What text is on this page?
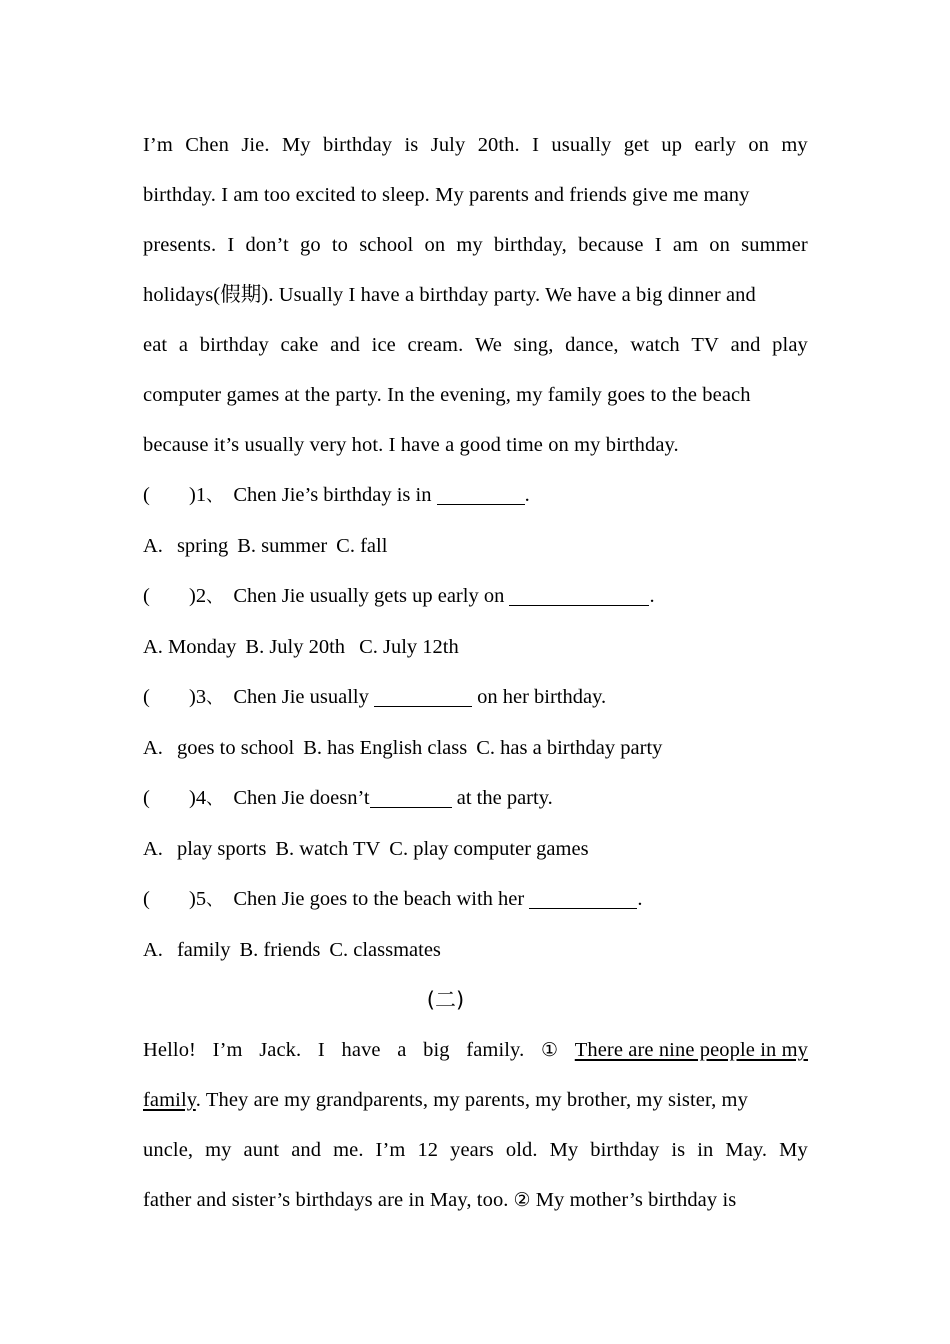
I’m Chen Jie. My birthday is July 20th. I usually get up early on my
birthday. I am too excited to sleep. My parents and friends give me many
presents. I don’t go to school on my birthday, because I am on summer
holidays(假期). Usually I have a birthday party. We have a big dinner and
eat a birthday cake and ice cream. We sing, dance, watch TV and play
computer games at the party. In the evening, my family goes to the beach
because it’s usually very hot. I have a good time on my birthday.

( )1、 Chen Jie’s birthday is in	.

A. spring B. summer C. fall

( )2、 Chen Jie usually gets up early on	.

A. Monday B. July 20th C. July 12th

( )3、 Chen Jie usually	on her birthday.

A. goes to school B. has English class C. has a birthday party

( )4、 Chen Jie doesn’t	at the party.

A. play sports B. watch TV C. play computer games

( )5、 Chen Jie goes to the beach with her	.

A. family B. friends C. classmates

(二)

Hello! I’m Jack. I have a big family. ① There are nine people in my
family. They are my grandparents, my parents, my brother, my sister, my
uncle, my aunt and me. I’m 12 years old. My birthday is in May. My
father and sister’s birthdays are in May, too. ② My mother’s birthday is
